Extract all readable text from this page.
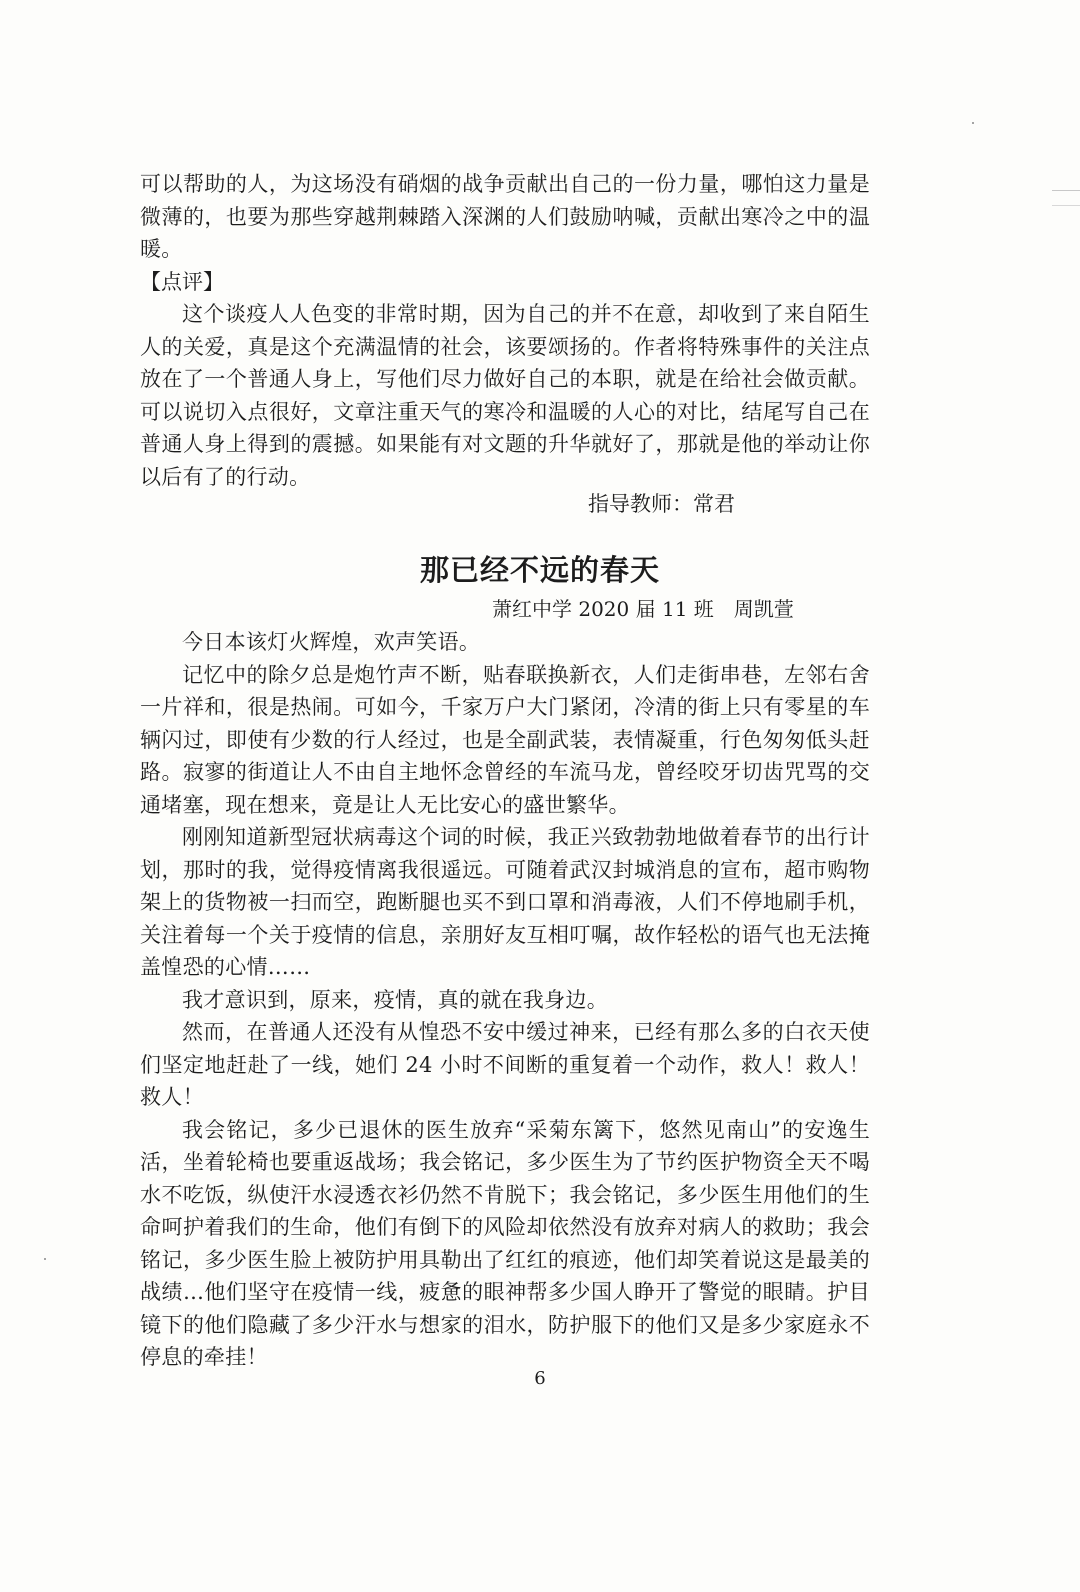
可以帮助的人，为这场没有硝烟的战争贡献出自己的一份力量，哪怕这力量是微薄的，也要为那些穿越荆棘踏入深渊的人们鼓励呐喊，贡献出寒冷之中的温暖。

【点评】

这个谈疫人人色变的非常时期，因为自己的并不在意，却收到了来自陌生人的关爱，真是这个充满温情的社会，该要颂扬的。作者将特殊事件的关注点放在了一个普通人身上，写他们尽力做好自己的本职，就是在给社会做贡献。可以说切入点很好，文章注重天气的寒冷和温暖的人心的对比，结尾写自己在普通人身上得到的震撼。如果能有对文题的升华就好了，那就是他的举动让你以后有了的行动。

指导教师：常君

那已经不远的春天

萧红中学 2020 届 11 班　周凯萱

今日本该灯火辉煌，欢声笑语。

记忆中的除夕总是炮竹声不断，贴春联换新衣，人们走街串巷，左邻右舍一片祥和，很是热闹。可如今，千家万户大门紧闭，冷清的街上只有零星的车辆闪过，即使有少数的行人经过，也是全副武装，表情凝重，行色匆匆低头赶路。寂寥的街道让人不由自主地怀念曾经的车流马龙，曾经咬牙切齿咒骂的交通堵塞，现在想来，竟是让人无比安心的盛世繁华。

刚刚知道新型冠状病毒这个词的时候，我正兴致勃勃地做着春节的出行计划，那时的我，觉得疫情离我很遥远。可随着武汉封城消息的宣布，超市购物架上的货物被一扫而空，跑断腿也买不到口罩和消毒液，人们不停地刷手机，关注着每一个关于疫情的信息，亲朋好友互相叮嘱，故作轻松的语气也无法掩盖惶恐的心情……

我才意识到，原来，疫情，真的就在我身边。

然而，在普通人还没有从惶恐不安中缓过神来，已经有那么多的白衣天使们坚定地赶赴了一线，她们 24 小时不间断的重复着一个动作，救人！救人！救人！

我会铭记，多少已退休的医生放弃“采菊东篱下，悠然见南山”的安逸生活，坐着轮椅也要重返战场；我会铭记，多少医生为了节约医护物资全天不喝水不吃饭，纵使汗水浸透衣衫仍然不肯脱下；我会铭记，多少医生用他们的生命呵护着我们的生命，他们有倒下的风险却依然没有放弃对病人的救助；我会铭记，多少医生脸上被防护用具勒出了红红的痕迹，他们却笑着说这是最美的战绩…他们坚守在疫情一线，疲惫的眼神帮多少国人睁开了警觉的眼睛。护目镜下的他们隐藏了多少汗水与想家的泪水，防护服下的他们又是多少家庭永不停息的牵挂！

6
